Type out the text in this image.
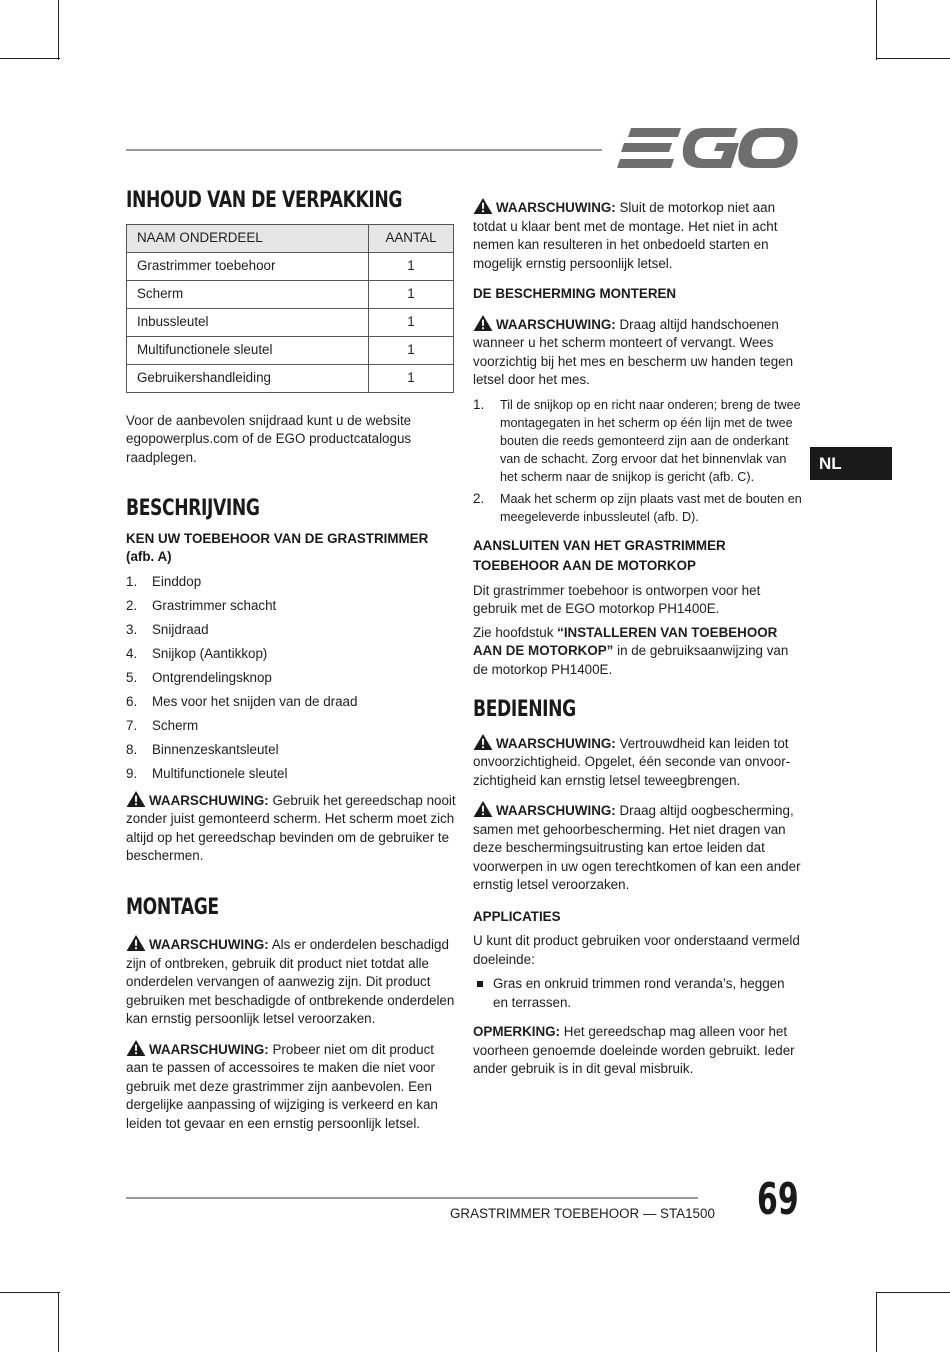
NL
INHOUD VAN DE VERPAKKING
NAAM ONDERDEEL	AANTAL
Grastrimmer toebehoor	1
Scherm	1
Inbussleutel	1
Multifunctionele sleutel	1
Gebruikershandleiding	1

Voor de aanbevolen snijdraad kunt u de website egopowerplus.com of de EGO productcatalogus raadplegen.

BESCHRIJVING
KEN UW TOEBEHOOR VAN DE GRASTRIMMER (afb. A)
1.	Einddop
2.	Grastrimmer schacht
3.	Snijdraad
4.	Snijkop (Aantikkop)
5.	Ontgrendelingsknop
6.	Mes voor het snijden van de draad
7.	Scherm
8.	Binnenzeskantsleutel
9.	Multifunctionele sleutel

WAARSCHUWING: Gebruik het gereedschap nooit zonder juist gemonteerd scherm. Het scherm moet zich altijd op het gereedschap bevinden om de gebruiker te beschermen.

MONTAGE

WAARSCHUWING: Als er onderdelen beschadigd zijn of ontbreken, gebruik dit product niet totdat alle onderdelen vervangen of aanwezig zijn. Dit product gebruiken met beschadigde of ontbrekende onderdelen kan ernstig persoonlijk letsel veroorzaken.

WAARSCHUWING: Probeer niet om dit product aan te passen of accessoires te maken die niet voor gebruik met deze grastrimmer zijn aanbevolen. Een dergelijke aanpassing of wijziging is verkeerd en kan leiden tot gevaar en een ernstig persoonlijk letsel.

WAARSCHUWING: Sluit de motorkop niet aan totdat u klaar bent met de montage. Het niet in acht nemen kan resulteren in het onbedoeld starten en mogelijk ernstig persoonlijk letsel.

DE BESCHERMING MONTEREN

WAARSCHUWING: Draag altijd handschoenen wanneer u het scherm monteert of vervangt. Wees voorzichtig bij het mes en bescherm uw handen tegen letsel door het mes.

1.	Til de snijkop op en richt naar onderen; breng de twee montagegaten in het scherm op één lijn met de twee bouten die reeds gemonteerd zijn aan de onderkant van de schacht. Zorg ervoor dat het binnenvlak van het scherm naar de snijkop is gericht (afb. C).
2.	Maak het scherm op zijn plaats vast met de bouten en meegeleverde inbussleutel (afb. D).
AANSLUITEN VAN HET GRASTRIMMER TOEBEHOOR AAN DE MOTORKOP

Dit grastrimmer toebehoor is ontworpen voor het gebruik met de EGO motorkop PH1400E.

Zie hoofdstuk “INSTALLEREN VAN TOEBEHOOR AAN DE MOTORKOP” in de gebruiksaanwijzing van de motorkop PH1400E.

BEDIENING

WAARSCHUWING: Vertrouwdheid kan leiden tot onvoorzichtigheid. Opgelet, één seconde van onvoor-zichtigheid kan ernstig letsel teweegbrengen.

WAARSCHUWING: Draag altijd oogbescherming, samen met gehoorbescherming. Het niet dragen van deze beschermingsuitrusting kan ertoe leiden dat voorwerpen in uw ogen terechtkomen of kan een ander ernstig letsel veroorzaken.

APPLICATIES

U kunt dit product gebruiken voor onderstaand vermeld doeleinde:

Gras en onkruid trimmen rond veranda’s, heggen en terrassen.

OPMERKING: Het gereedschap mag alleen voor het voorheen genoemde doeleinde worden gebruikt. Ieder ander gebruik is in dit geval misbruik.

GRASTRIMMER TOEBEHOOR — STA1500 69
